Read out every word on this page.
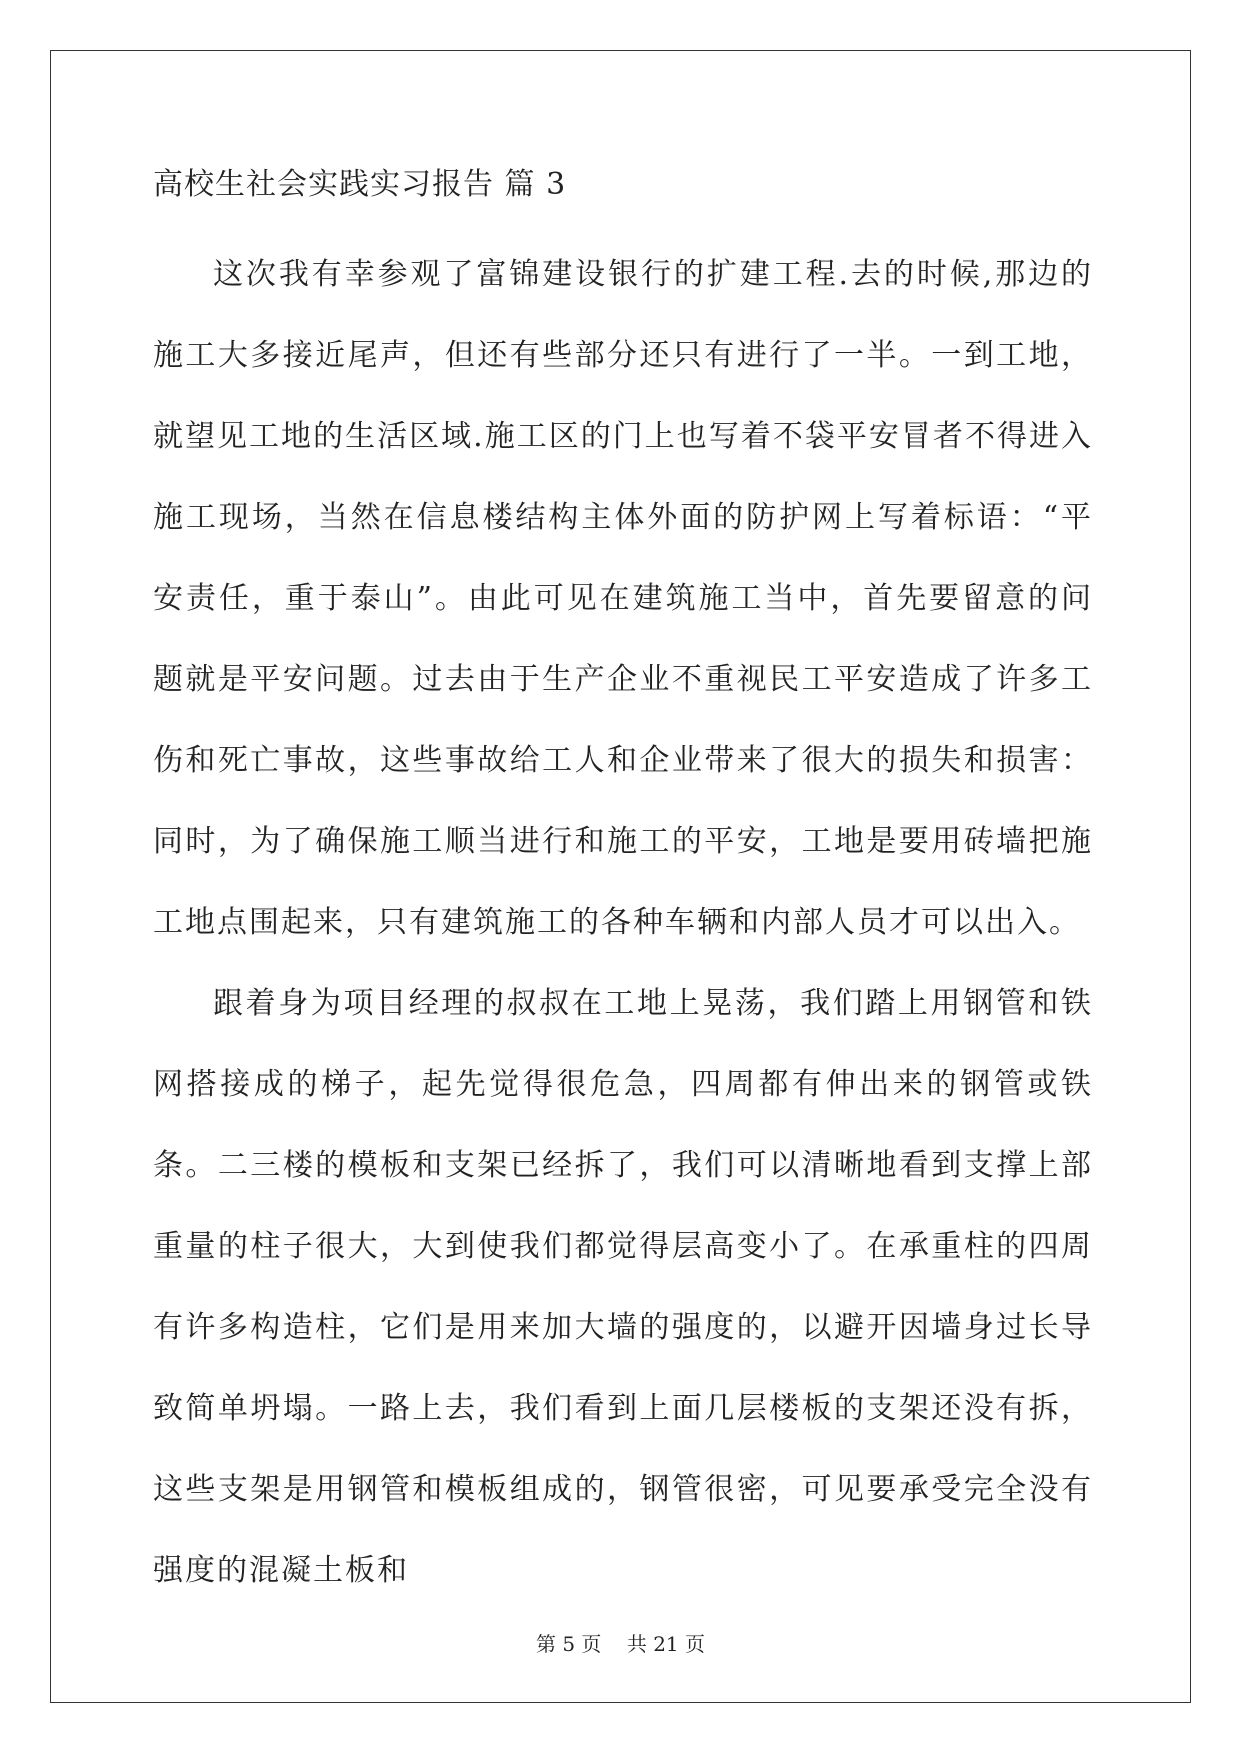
高校生社会实践实习报告 篇 3

这次我有幸参观了富锦建设银行的扩建工程.去的时候,那边的施工大多接近尾声，但还有些部分还只有进行了一半。一到工地，就望见工地的生活区域.施工区的门上也写着不袋平安冒者不得进入施工现场，当然在信息楼结构主体外面的防护网上写着标语：“平安责任，重于泰山”。由此可见在建筑施工当中，首先要留意的问题就是平安问题。过去由于生产企业不重视民工平安造成了许多工伤和死亡事故，这些事故给工人和企业带来了很大的损失和损害：同时，为了确保施工顺当进行和施工的平安，工地是要用砖墙把施工地点围起来，只有建筑施工的各种车辆和内部人员才可以出入。

跟着身为项目经理的叔叔在工地上晃荡，我们踏上用钢管和铁网搭接成的梯子，起先觉得很危急，四周都有伸出来的钢管或铁条。二三楼的模板和支架已经拆了，我们可以清晰地看到支撑上部重量的柱子很大，大到使我们都觉得层高变小了。在承重柱的四周有许多构造柱，它们是用来加大墙的强度的，以避开因墙身过长导致简单坍塌。一路上去，我们看到上面几层楼板的支架还没有拆，这些支架是用钢管和模板组成的，钢管很密，可见要承受完全没有强度的混凝土板和

第 5 页    共 21 页
